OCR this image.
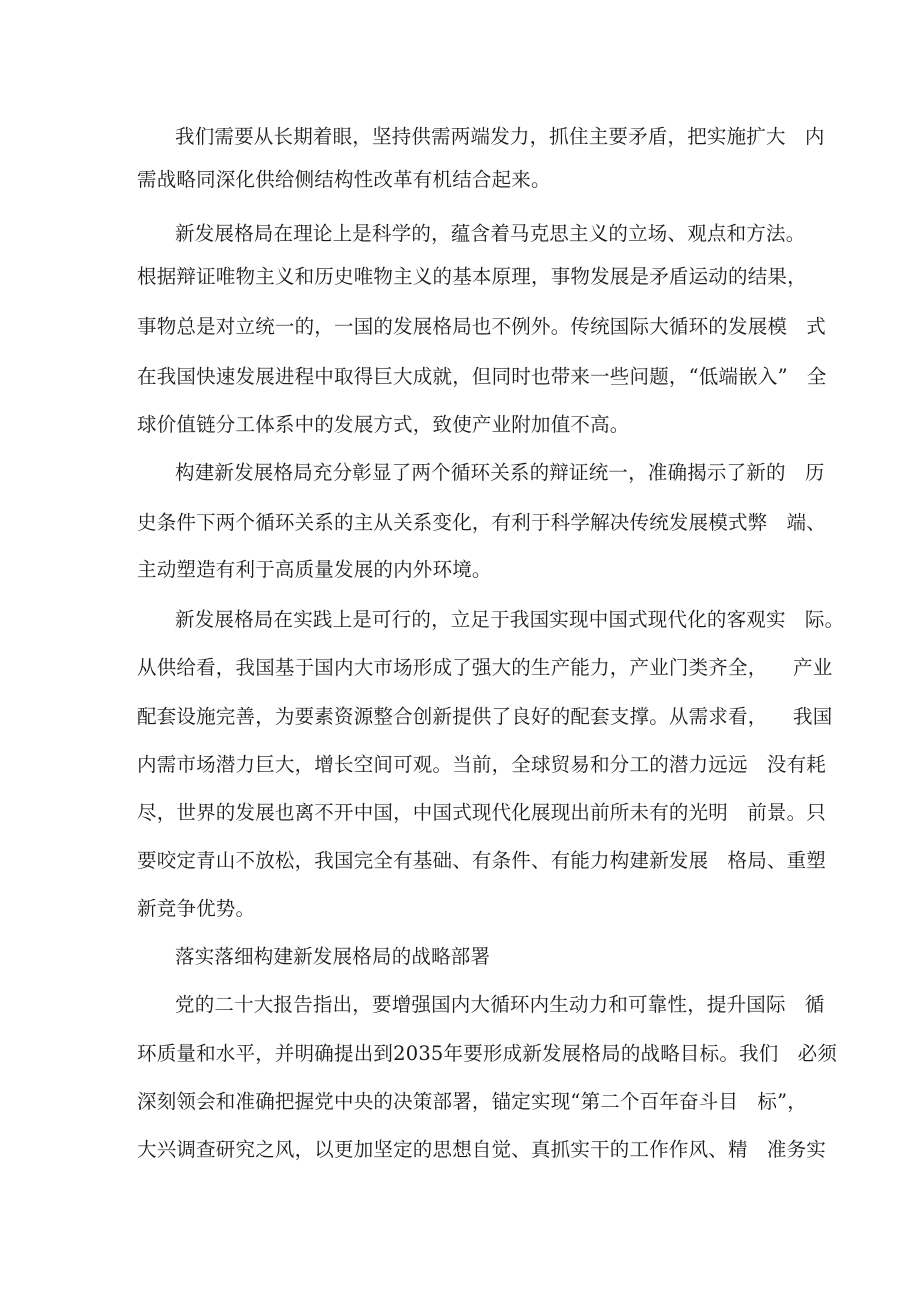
我们需要从长期着眼，坚持供需两端发力，抓住主要矛盾，把实施扩大   内
需战略同深化供给侧结构性改革有机结合起来。
新发展格局在理论上是科学的，蕴含着马克思主义的立场、观点和方法。
根据辩证唯物主义和历史唯物主义的基本原理，事物发展是矛盾运动的结果，
事物总是对立统一的，一国的发展格局也不例外。传统国际大循环的发展模   式
在我国快速发展进程中取得巨大成就，但同时也带来一些问题，“低端嵌入”   全
球价值链分工体系中的发展方式，致使产业附加值不高。
构建新发展格局充分彰显了两个循环关系的辩证统一，准确揭示了新的   历
史条件下两个循环关系的主从关系变化，有利于科学解决传统发展模式弊   端、
主动塑造有利于高质量发展的内外环境。
新发展格局在实践上是可行的，立足于我国实现中国式现代化的客观实   际。
从供给看，我国基于国内大市场形成了强大的生产能力，产业门类齐全，    产业
配套设施完善，为要素资源整合创新提供了良好的配套支撑。从需求看，    我国
内需市场潜力巨大，增长空间可观。当前，全球贸易和分工的潜力远远   没有耗
尽，世界的发展也离不开中国，中国式现代化展现出前所未有的光明   前景。只
要咬定青山不放松，我国完全有基础、有条件、有能力构建新发展   格局、重塑
新竞争优势。
落实落细构建新发展格局的战略部署
党的二十大报告指出，要增强国内大循环内生动力和可靠性，提升国际   循
环质量和水平，并明确提出到2035年要形成新发展格局的战略目标。我们   必须
深刻领会和准确把握党中央的决策部署，锚定实现“第二个百年奋斗目   标”，
大兴调查研究之风，以更加坚定的思想自觉、真抓实干的工作作风、精   准务实
